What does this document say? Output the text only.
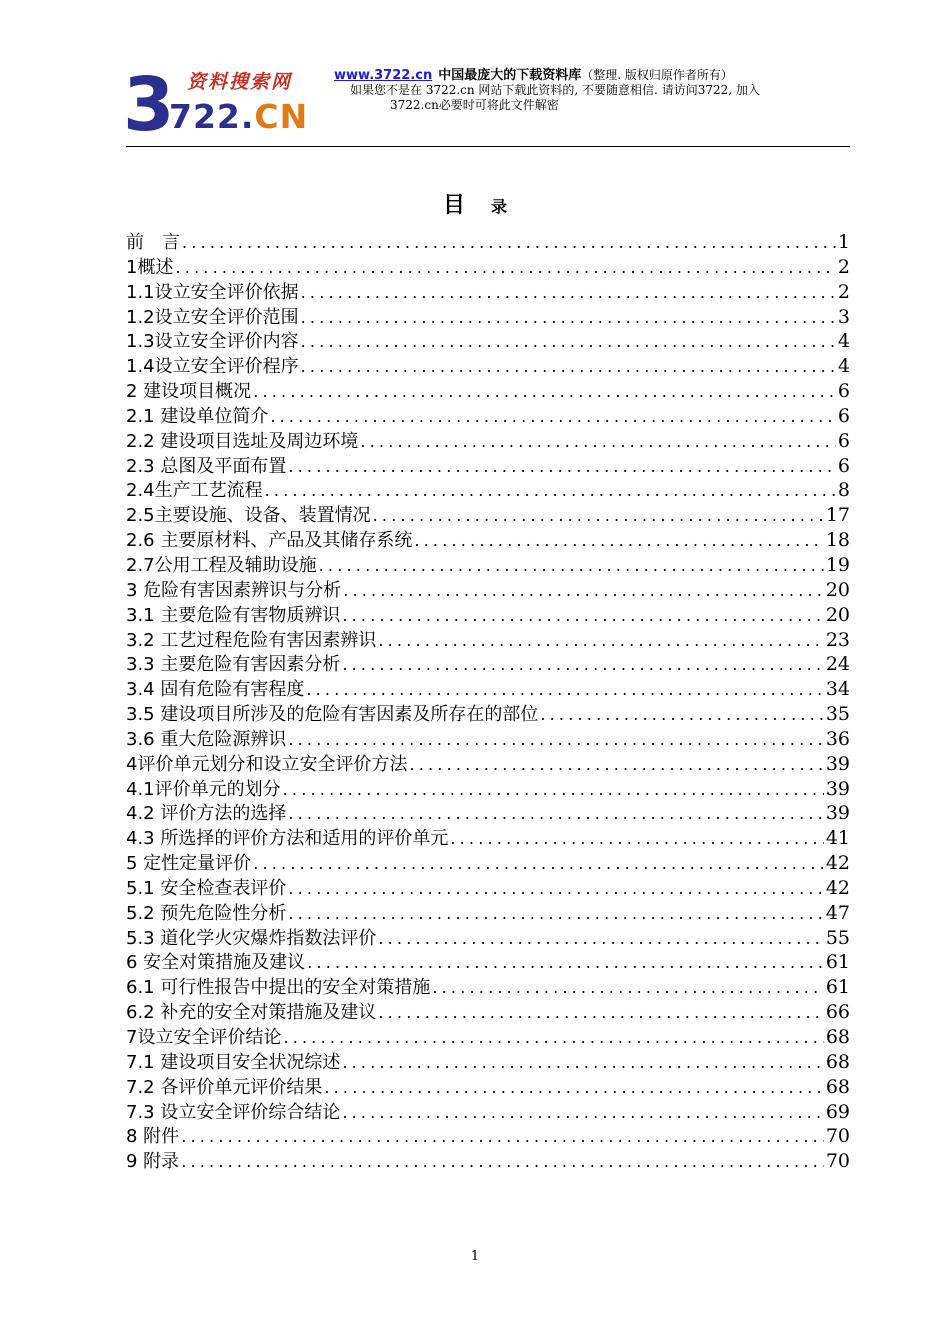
3 资料搜索网
722.CN
www.3722.cn 中国最庞大的下载资料库（整理. 版权归原作者所有）
如果您不是在 3722.cn 网站下载此资料的, 不要随意相信. 请访问3722, 加入
3722.cn必要时可将此文件解密
目 录
前　言 .....	1
1概述 .....	2
1.1设立安全评价依据 .....	2
1.2设立安全评价范围 .....	3
1.3设立安全评价内容 .....	4
1.4设立安全评价程序 .....	4
2 建设项目概况 .....	6
2.1 建设单位简介 .....	6
2.2 建设项目选址及周边环境 .....	6
2.3 总图及平面布置 .....	6
2.4生产工艺流程 .....	8
2.5主要设施、设备、装置情况 .....	17
2.6 主要原材料、产品及其储存系统 .....	18
2.7公用工程及辅助设施 .....	19
3 危险有害因素辨识与分析 .....	20
3.1 主要危险有害物质辨识 .....	20
3.2 工艺过程危险有害因素辨识 .....	23
3.3 主要危险有害因素分析 .....	24
3.4 固有危险有害程度 .....	34
3.5 建设项目所涉及的危险有害因素及所存在的部位 .....	35
3.6 重大危险源辨识 .....	36
4评价单元划分和设立安全评价方法 .....	39
4.1评价单元的划分 .....	39
4.2 评价方法的选择 .....	39
4.3 所选择的评价方法和适用的评价单元 .....	41
5 定性定量评价 .....	42
5.1 安全检查表评价 .....	42
5.2 预先危险性分析 .....	47
5.3 道化学火灾爆炸指数法评价 .....	55
6 安全对策措施及建议 .....	61
6.1 可行性报告中提出的安全对策措施 .....	61
6.2 补充的安全对策措施及建议 .....	66
7设立安全评价结论 .....	68
7.1 建设项目安全状况综述 .....	68
7.2 各评价单元评价结果 .....	68
7.3 设立安全评价综合结论 .....	69
8 附件 .....	70
9 附录 .....	70
1
